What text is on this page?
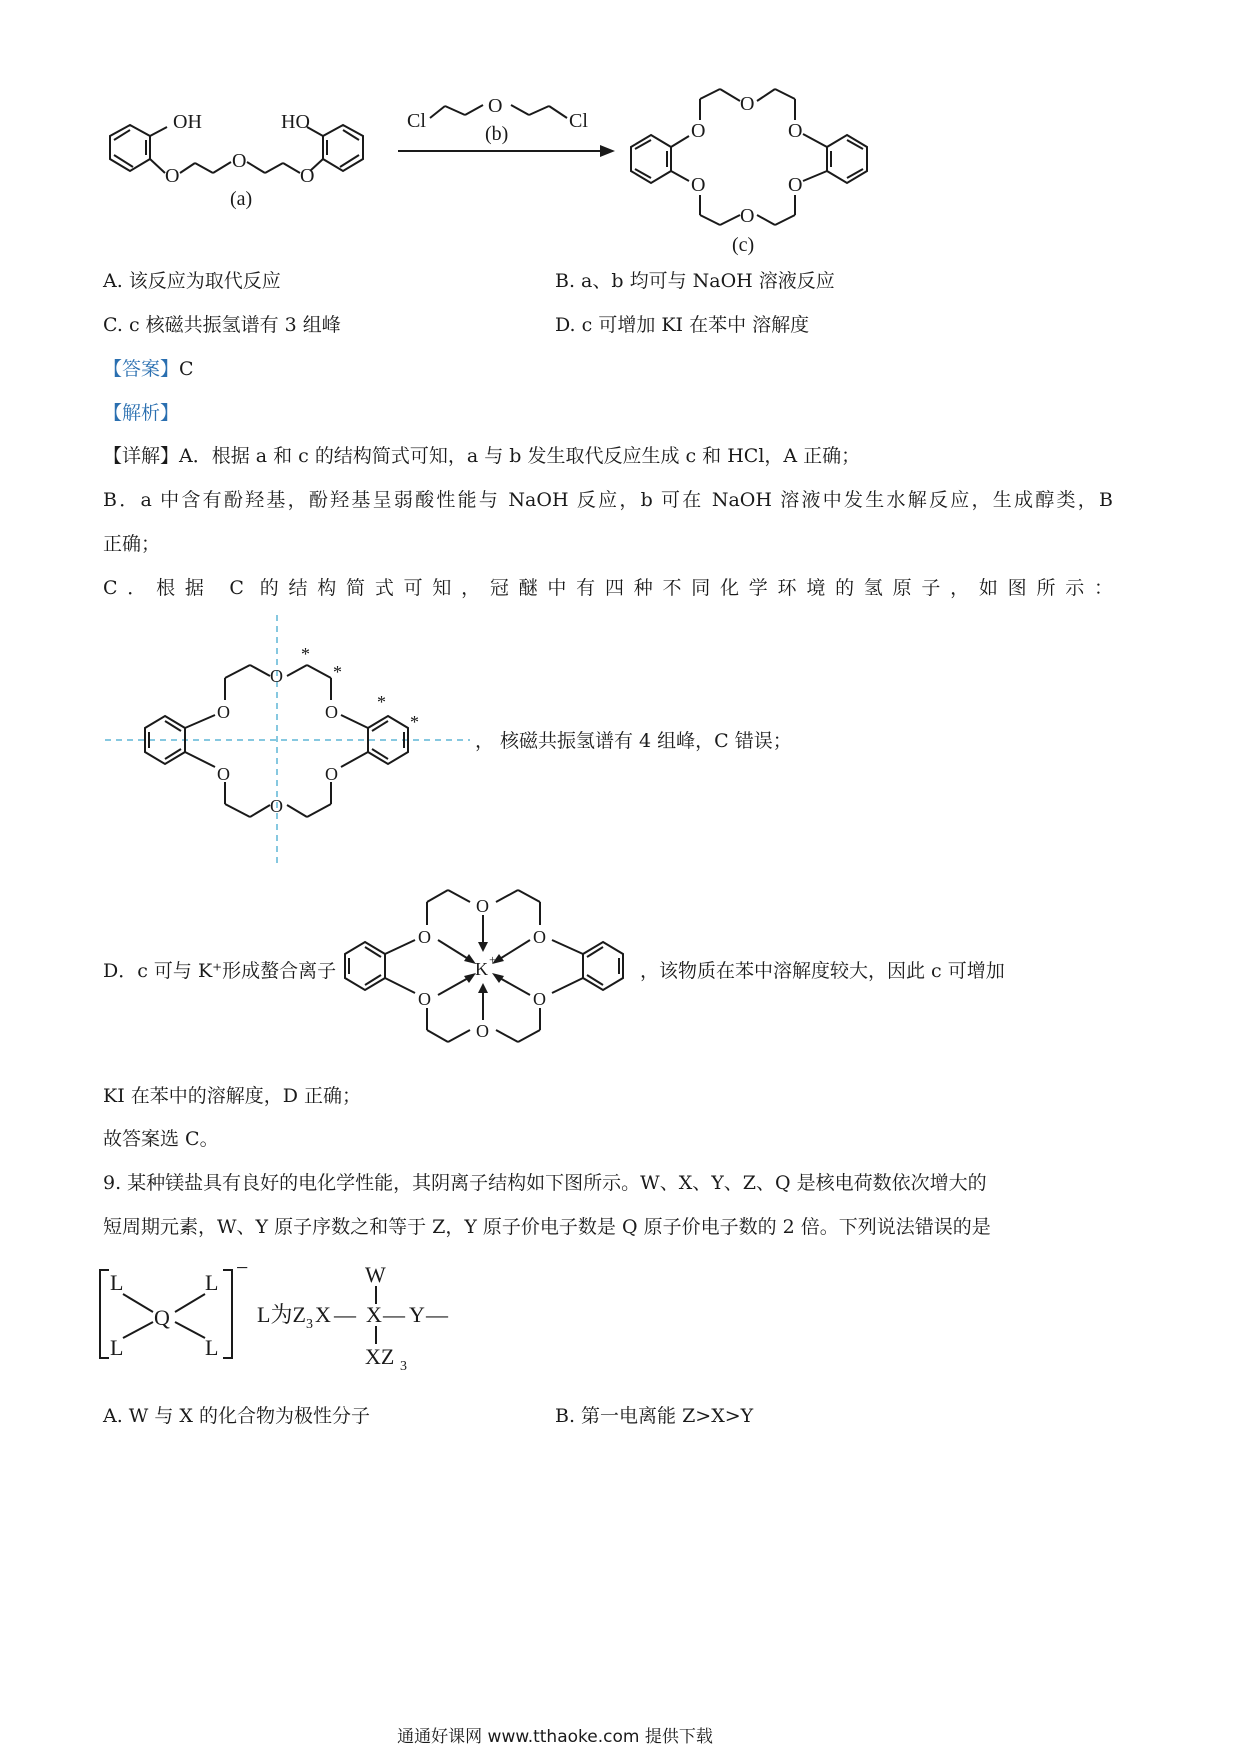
OH	HO
O
O
O
(a)
Cl
O
Cl
(b)	O
O
O
O
O
O
(c)
A. 该反应为取代反应	B. a、b 均可与 NaOH 溶液反应
C. c 核磁共振氢谱有 3 组峰	D. c 可增加 KI 在苯中 溶解度
【答案】C
【解析】
【详解】A．根据 a 和 c 的结构简式可知，a 与 b 发生取代反应生成 c 和 HCl，A 正确；
B．a 中含有酚羟基，酚羟基呈弱酸性能与 NaOH 反应，b 可在 NaOH 溶液中发生水解反应，生成醇类，B
正确；
C．根据 C 的结构简式可知，冠醚中有四种不同化学环境的氢原子，如图所示：
O
O
O
O
O
O
*
*
*
*
， 核磁共振氢谱有 4 组峰，C 错误；
D．c 可与 K⁺形成螯合离子
O
O
O
O
O
O
K +
，该物质在苯中溶解度较大，因此 c 可增加
KI 在苯中的溶解度，D 正确；
故答案选 C。
9. 某种镁盐具有良好的电化学性能，其阴离子结构如下图所示。W、X、Y、Z、Q 是核电荷数依次增大的
短周期元素，W、Y 原子序数之和等于 Z，Y 原子价电子数是 Q 原子价电子数的 2 倍。下列说法错误的是
L	L
L	L
Q
−	W
L为Z 3 X — X — Y —
XZ 3
A. W 与 X 的化合物为极性分子	B. 第一电离能 Z>X>Y
通通好课网 www.tthaoke.com 提供下载
